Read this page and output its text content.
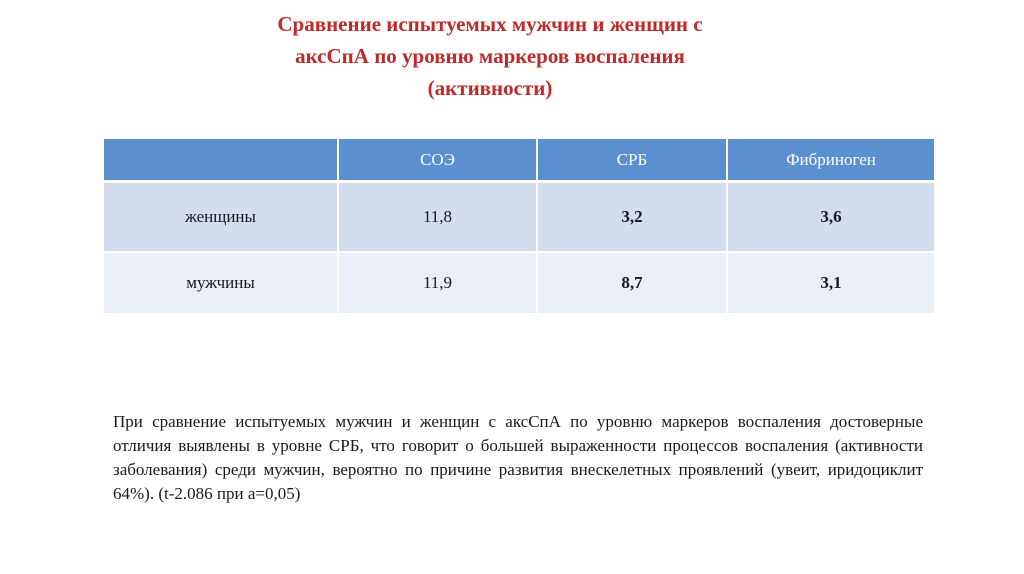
Сравнение испытуемых мужчин и женщин с
аксСпА по уровню маркеров воспаления
(активности)
	СОЭ	СРБ	Фибриноген
женщины	11,8	3,2	3,6
мужчины	11,9	8,7	3,1
При сравнение испытуемых мужчин и женщин с аксСпА по уровню маркеров воспаления достоверные отличия выявлены в уровне СРБ, что говорит о большей выраженности процессов воспаления (активности заболевания) среди мужчин, вероятно по причине развития внескелетных проявлений (увеит, иридоциклит 64%). (t-2.086 при а=0,05)
